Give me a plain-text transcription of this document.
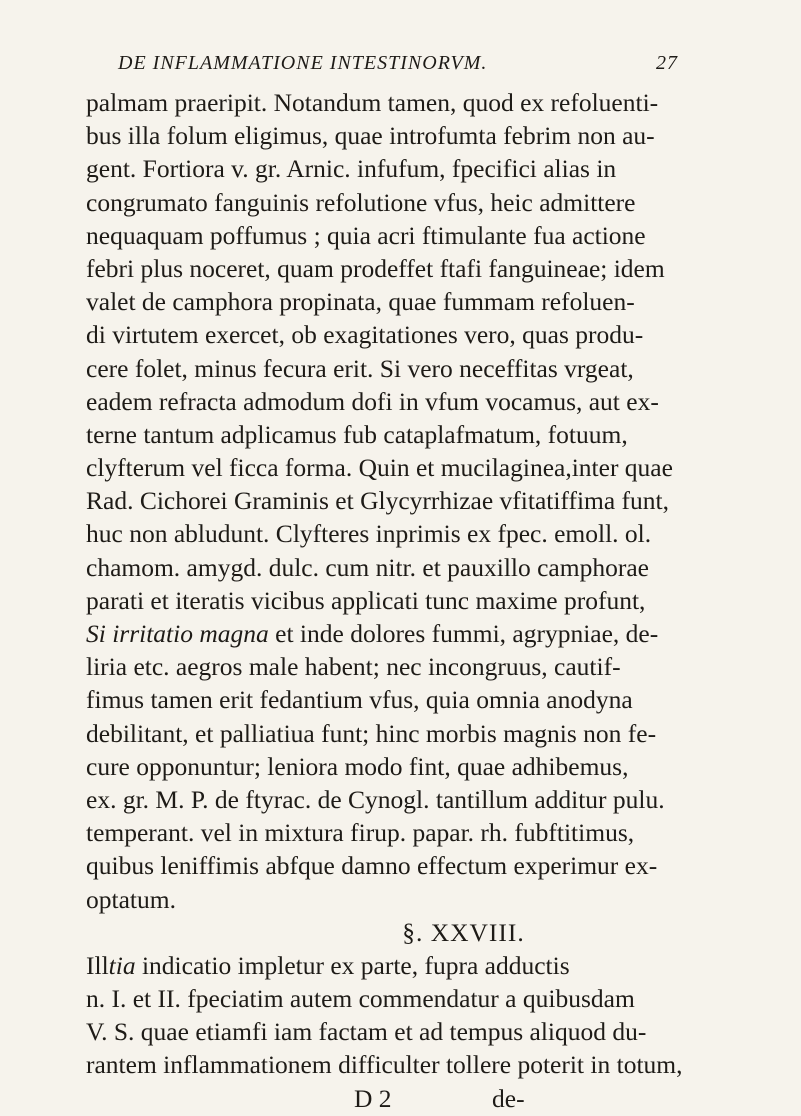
DE INFLAMMATIONE INTESTINORVM.	27
palmam praeripit. Notandum tamen, quod ex refoluenti-
bus illa folum eligimus, quae introfumta febrim non au-
gent. Fortiora v. gr. Arnic. infufum, fpecifici alias in
congrumato fanguinis refolutione vfus, heic admittere
nequaquam poffumus ; quia acri ftimulante fua actione
febri plus noceret, quam prodeffet ftafi fanguineae; idem
valet de camphora propinata, quae fummam refoluen-
di virtutem exercet, ob exagitationes vero, quas produ-
cere folet, minus fecura erit. Si vero neceffitas vrgeat,
eadem refracta admodum dofi in vfum vocamus, aut ex-
terne tantum adplicamus fub cataplafmatum, fotuum,
clyfterum vel ficca forma. Quin et mucilaginea,inter quae
Rad. Cichorei Graminis et Glycyrrhizae vfitatiffima funt,
huc non abludunt. Clyfteres inprimis ex fpec. emoll. ol.
chamom. amygd. dulc. cum nitr. et pauxillo camphorae
parati et iteratis vicibus applicati tunc maxime profunt,
Si irritatio magna et inde dolores fummi, agrypniae, de-
liria etc. aegros male habent; nec incongruus, cautif-
fimus tamen erit fedantium vfus, quia omnia anodyna
debilitant, et palliatiua funt; hinc morbis magnis non fe-
cure opponuntur; leniora modo fint, quae adhibemus,
ex. gr. M. P. de ftyrac. de Cynogl. tantillum additur pulu.
temperant. vel in mixtura firup. papar. rh. fubftitimus,
quibus leniffimis abfque damno effectum experimur ex-
optatum.
§. XXVIII.
Illtia indicatio impletur ex parte, fupra adductis
n. I. et II. fpeciatim autem commendatur a quibusdam
V. S. quae etiamfi iam factam et ad tempus aliquod du-
rantem inflammationem difficulter tollere poterit in totum,
D 2	de-
